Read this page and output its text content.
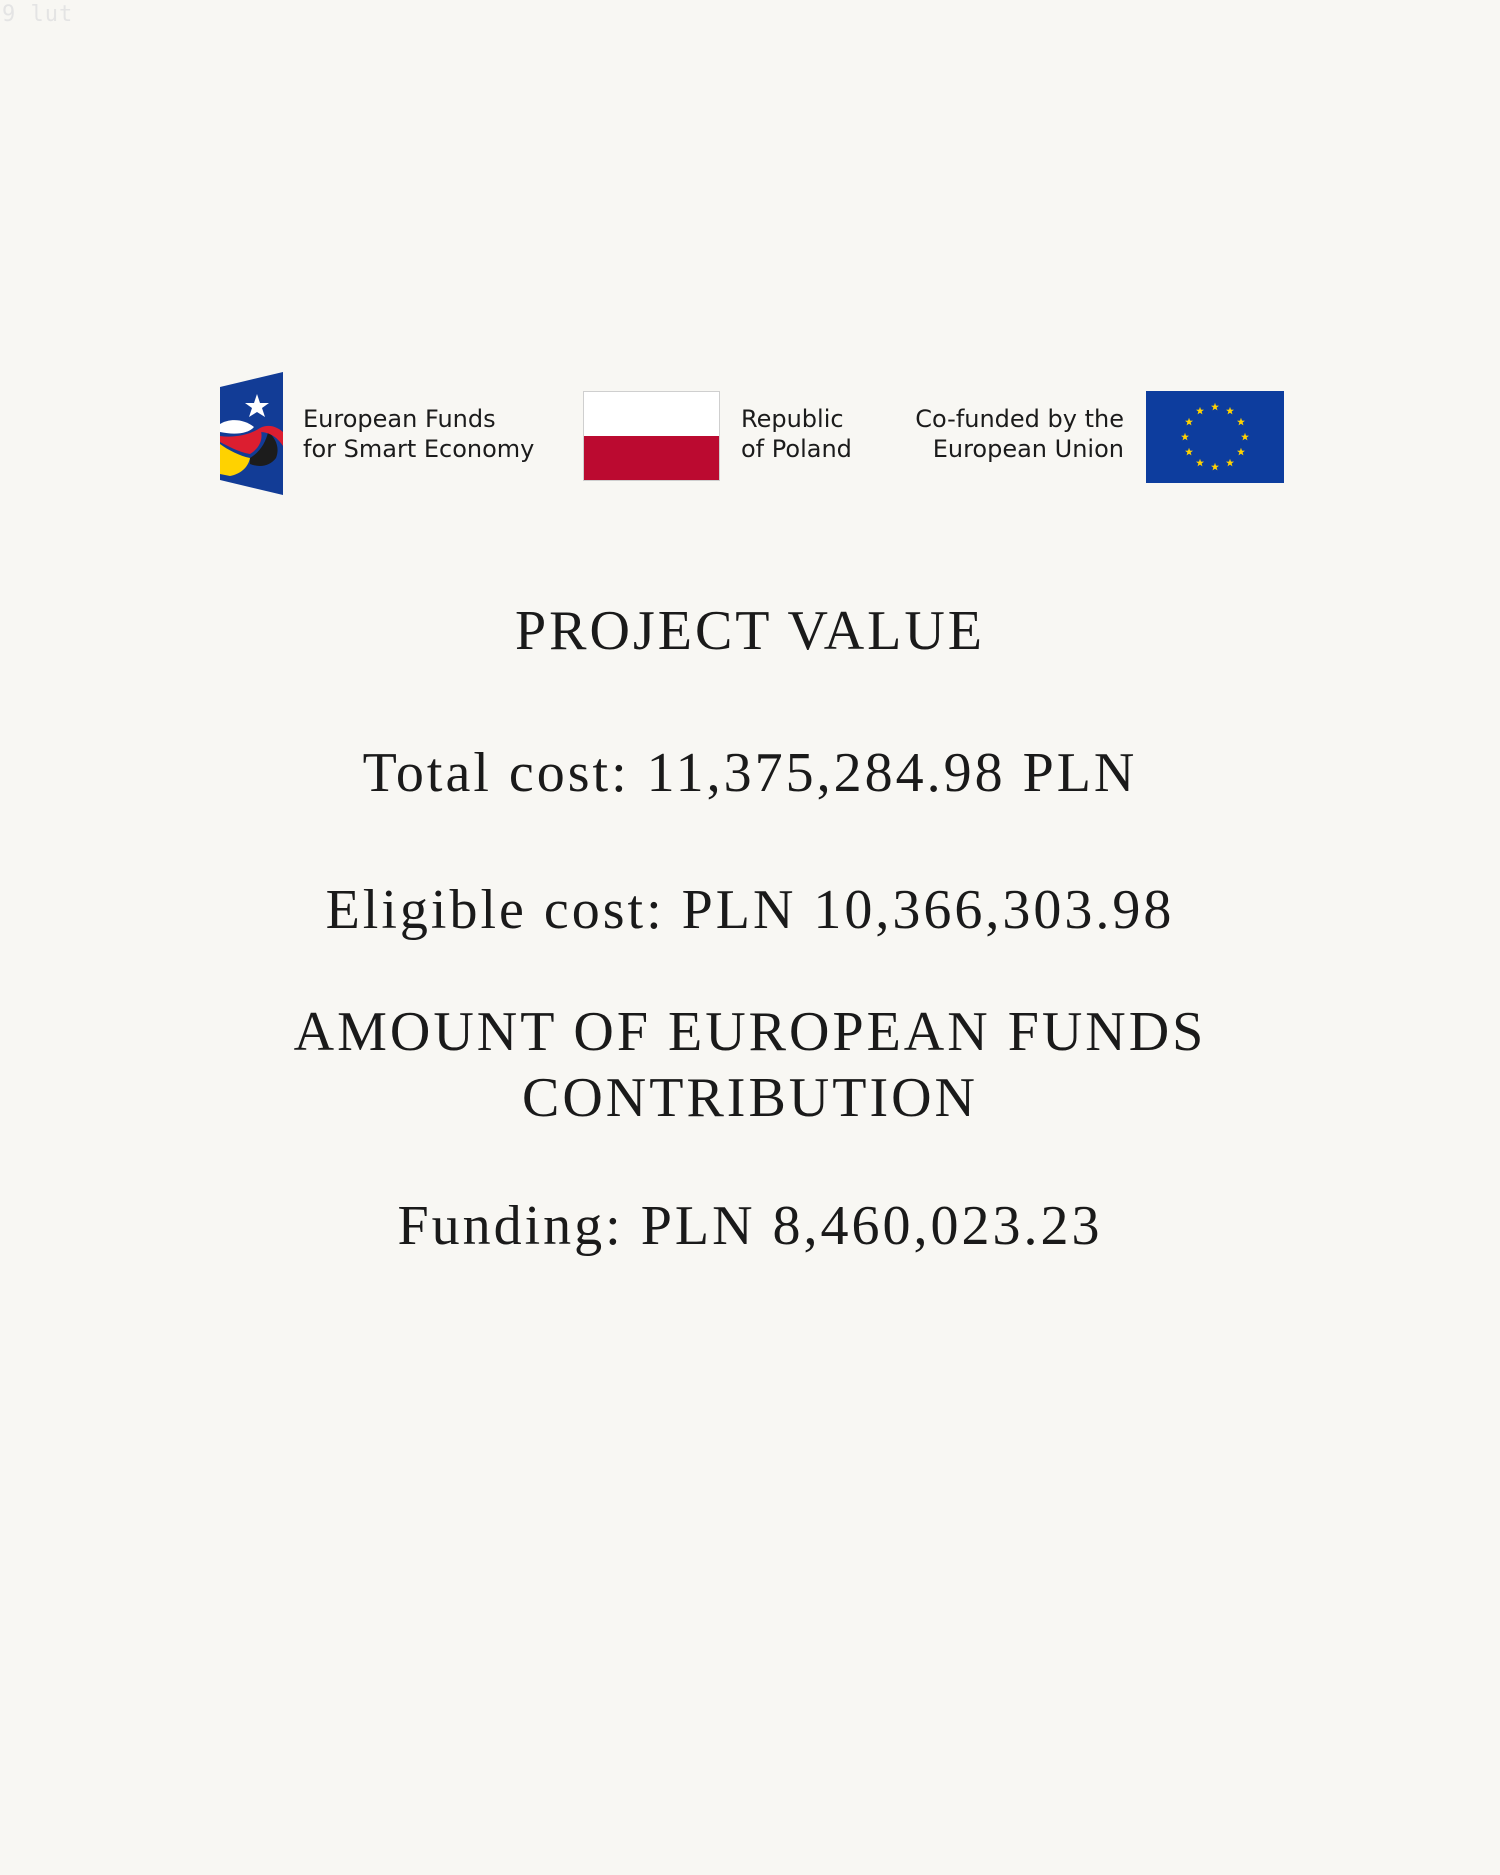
9 lut
European Funds
for Smart Economy
Republic
of Poland
Co-funded by the
European Union

PROJECT VALUE

Total cost: 11,375,284.98 PLN

Eligible cost: PLN 10,366,303.98

AMOUNT OF EUROPEAN FUNDS
CONTRIBUTION

Funding: PLN 8,460,023.23
